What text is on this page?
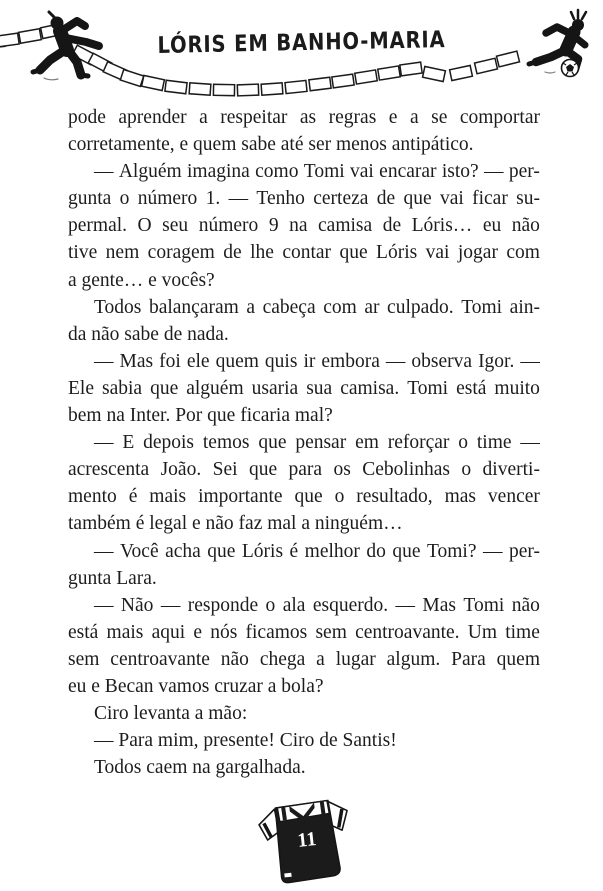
LÓRIS EM BANHO-MARIA
pode aprender a respeitar as regras e a se comportar
corretamente, e quem sabe até ser menos antipático.
— Alguém imagina como Tomi vai encarar isto? — per-
gunta o número 1. — Tenho certeza de que vai ficar su-
permal. O seu número 9 na camisa de Lóris… eu não
tive nem coragem de lhe contar que Lóris vai jogar com
a gente… e vocês?
Todos balançaram a cabeça com ar culpado. Tomi ain-
da não sabe de nada.
— Mas foi ele quem quis ir embora — observa Igor. —
Ele sabia que alguém usaria sua camisa. Tomi está muito
bem na Inter. Por que ficaria mal?
— E depois temos que pensar em reforçar o time —
acrescenta João. Sei que para os Cebolinhas o diverti-
mento é mais importante que o resultado, mas vencer
também é legal e não faz mal a ninguém…
— Você acha que Lóris é melhor do que Tomi? — per-
gunta Lara.
— Não — responde o ala esquerdo. — Mas Tomi não
está mais aqui e nós ficamos sem centroavante. Um time
sem centroavante não chega a lugar algum. Para quem
eu e Becan vamos cruzar a bola?
Ciro levanta a mão:
— Para mim, presente! Ciro de Santis!
Todos caem na gargalhada.
11
